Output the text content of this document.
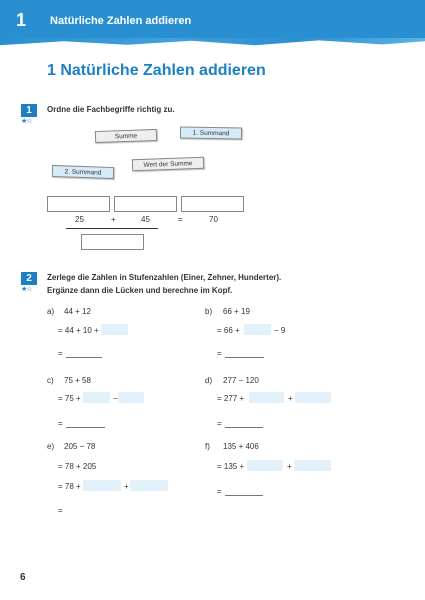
1 Natürliche Zahlen addieren
1 Natürliche Zahlen addieren
1
★☆
Ordne die Fachbegriffe richtig zu.
Summe	1. Summand
2. Summand
Wert der Summe
25	+	45	=	70
2
★☆
Zerlege die Zahlen in Stufenzahlen (Einer, Zehner, Hunderter).
Ergänze dann die Lücken und berechne im Kopf.
a) 44 + 12
= 44 + 10 +
=
b) 66 + 19
= 66 +	− 9
=
c) 75 + 58
= 75 +	−
=
d) 277 − 120
= 277 +	+
=
e) 205 − 78
= 78 + 205
= 78 +	+
=
f) 135 + 406
= 135 +	+
=
6
